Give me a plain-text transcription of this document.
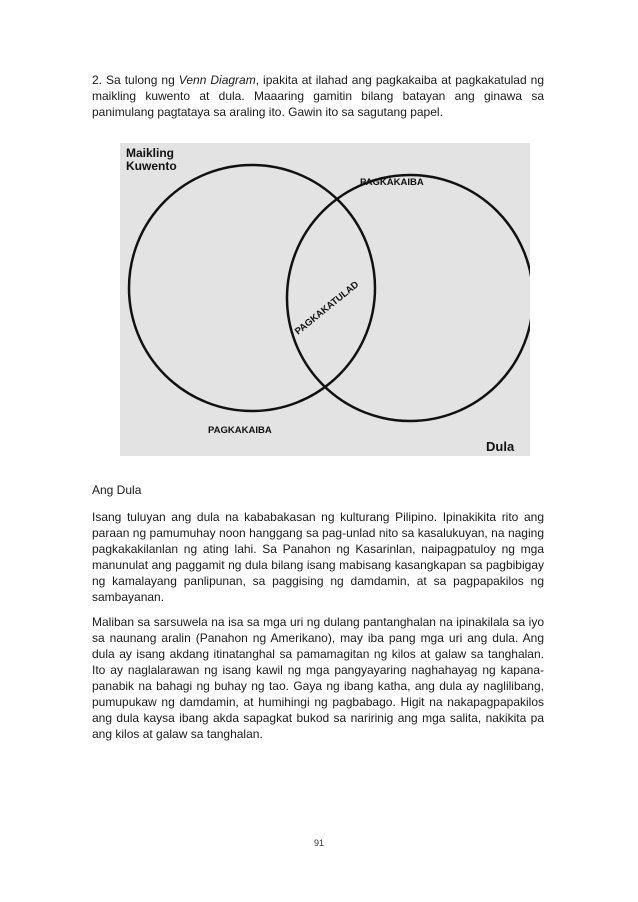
2. Sa tulong ng Venn Diagram, ipakita at ilahad ang pagkakaiba at pagkakatulad ng maikling kuwento at dula. Maaaring gamitin bilang batayan ang ginawa sa panimulang pagtataya sa araling ito. Gawin ito sa sagutang papel.

Maikling
Kuwento
PAGKAKAIBA
PAGKAKAIBA
Dula
PAGKAKATULAD

Ang Dula

Isang tuluyan ang dula na kababakasan ng kulturang Pilipino. Ipinakikita rito ang paraan ng pamumuhay noon hanggang sa pag-unlad nito sa kasalukuyan, na naging pagkakakilanlan ng ating lahi. Sa Panahon ng Kasarinlan, naipagpatuloy ng mga manunulat ang paggamit ng dula bilang isang mabisang kasangkapan sa pagbibigay ng kamalayang panlipunan, sa paggising ng damdamin, at sa pagpapakilos ng sambayanan.

Maliban sa sarsuwela na isa sa mga uri ng dulang pantanghalan na ipinakilala sa iyo sa naunang aralin (Panahon ng Amerikano), may iba pang mga uri ang dula. Ang dula ay isang akdang itinatanghal sa pamamagitan ng kilos at galaw sa tanghalan. Ito ay naglalarawan ng isang kawil ng mga pangyayaring naghahayag ng kapana-panabik na bahagi ng buhay ng tao. Gaya ng ibang katha, ang dula ay naglilibang, pumupukaw ng damdamin, at humihingi ng pagbabago. Higit na nakapagpapakilos ang dula kaysa ibang akda sapagkat bukod sa naririnig ang mga salita, nakikita pa ang kilos at galaw sa tanghalan.

91
